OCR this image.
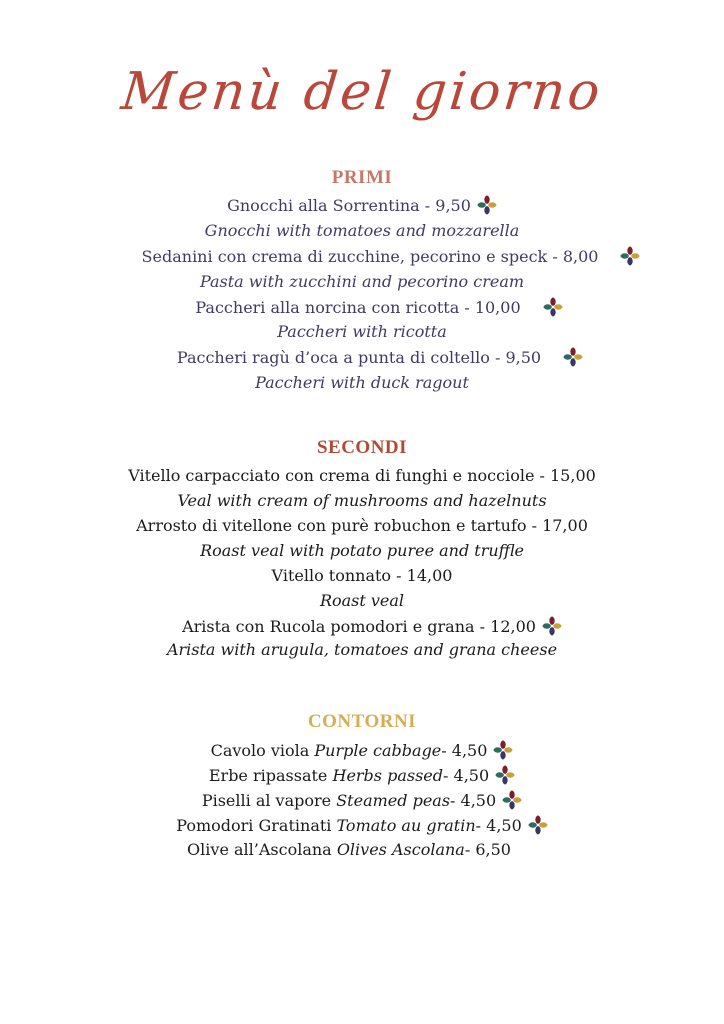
Menù del giorno
PRIMI
Gnocchi alla Sorrentina - 9,50
Gnocchi with tomatoes and mozzarella
Sedanini con crema di zucchine, pecorino e speck - 8,00
Pasta with zucchini and pecorino cream
Paccheri alla norcina con ricotta - 10,00
Paccheri with ricotta
Paccheri ragù d’oca a punta di coltello - 9,50
Paccheri with duck ragout
SECONDI
Vitello carpacciato con crema di funghi e nocciole - 15,00
Veal with cream of mushrooms and hazelnuts
Arrosto di vitellone con purè robuchon e tartufo - 17,00
Roast veal with potato puree and truffle
Vitello tonnato - 14,00
Roast veal
Arista con Rucola pomodori e grana - 12,00
Arista with arugula, tomatoes and grana cheese
CONTORNI
Cavolo viola
Purple cabbage - 4,50
Erbe ripassate
Herbs passed - 4,50
Piselli al vapore
Steamed peas - 4,50
Pomodori Gratinati
Tomato au gratin - 4,50
Olive all’Ascolana
Olives Ascolana - 6,50
